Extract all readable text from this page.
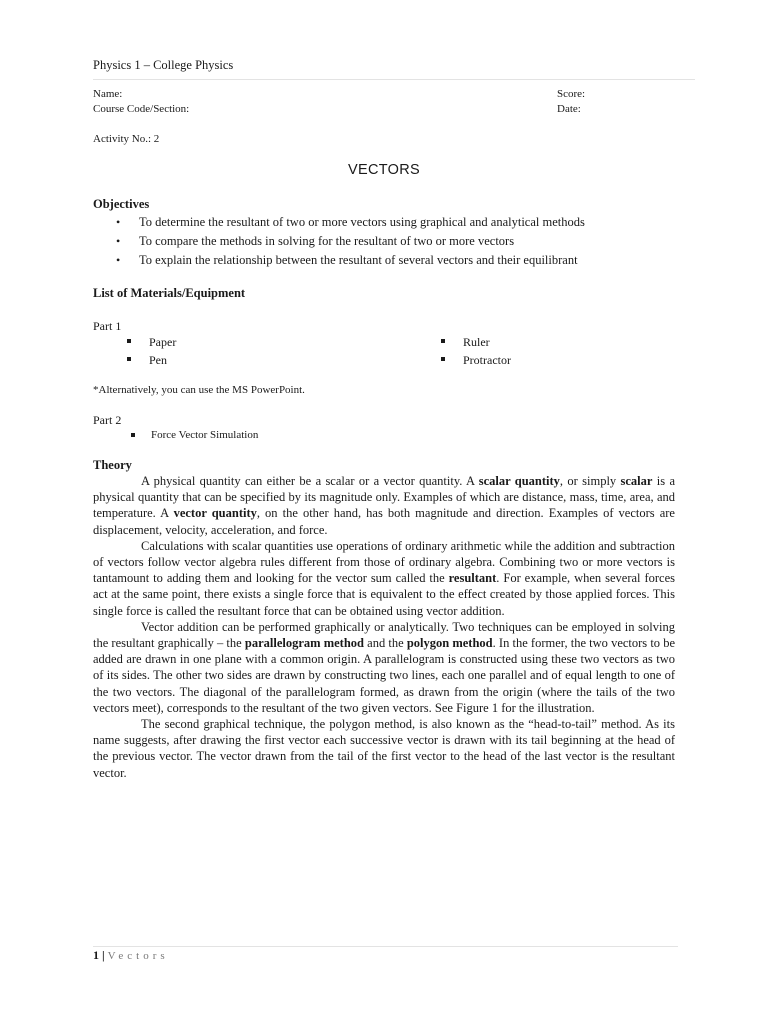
Physics 1 – College Physics
Name:	Score:
Course Code/Section:	Date:
Activity No.: 2
VECTORS
Objectives
• To determine the resultant of two or more vectors using graphical and analytical methods
• To compare the methods in solving for the resultant of two or more vectors
• To explain the relationship between the resultant of several vectors and their equilibrant
List of Materials/Equipment
Part 1
Paper
Pen
Ruler
Protractor
*Alternatively, you can use the MS PowerPoint.
Part 2
Force Vector Simulation
Theory

A physical quantity can either be a scalar or a vector quantity. A scalar quantity, or simply scalar is a physical quantity that can be specified by its magnitude only. Examples of which are distance, mass, time, area, and temperature. A vector quantity, on the other hand, has both magnitude and direction. Examples of vectors are displacement, velocity, acceleration, and force.

Calculations with scalar quantities use operations of ordinary arithmetic while the addition and subtraction of vectors follow vector algebra rules different from those of ordinary algebra. Combining two or more vectors is tantamount to adding them and looking for the vector sum called the resultant. For example, when several forces act at the same point, there exists a single force that is equivalent to the effect created by those applied forces. This single force is called the resultant force that can be obtained using vector addition.

Vector addition can be performed graphically or analytically. Two techniques can be employed in solving the resultant graphically – the parallelogram method and the polygon method. In the former, the two vectors to be added are drawn in one plane with a common origin. A parallelogram is constructed using these two vectors as two of its sides. The other two sides are drawn by constructing two lines, each one parallel and of equal length to one of the two vectors. The diagonal of the parallelogram formed, as drawn from the origin (where the tails of the two vectors meet), corresponds to the resultant of the two given vectors. See Figure 1 for the illustration.

The second graphical technique, the polygon method, is also known as the “head-to-tail” method. As its name suggests, after drawing the first vector each successive vector is drawn with its tail beginning at the head of the previous vector. The vector drawn from the tail of the first vector to the head of the last vector is the resultant vector.

1 | Vectors
